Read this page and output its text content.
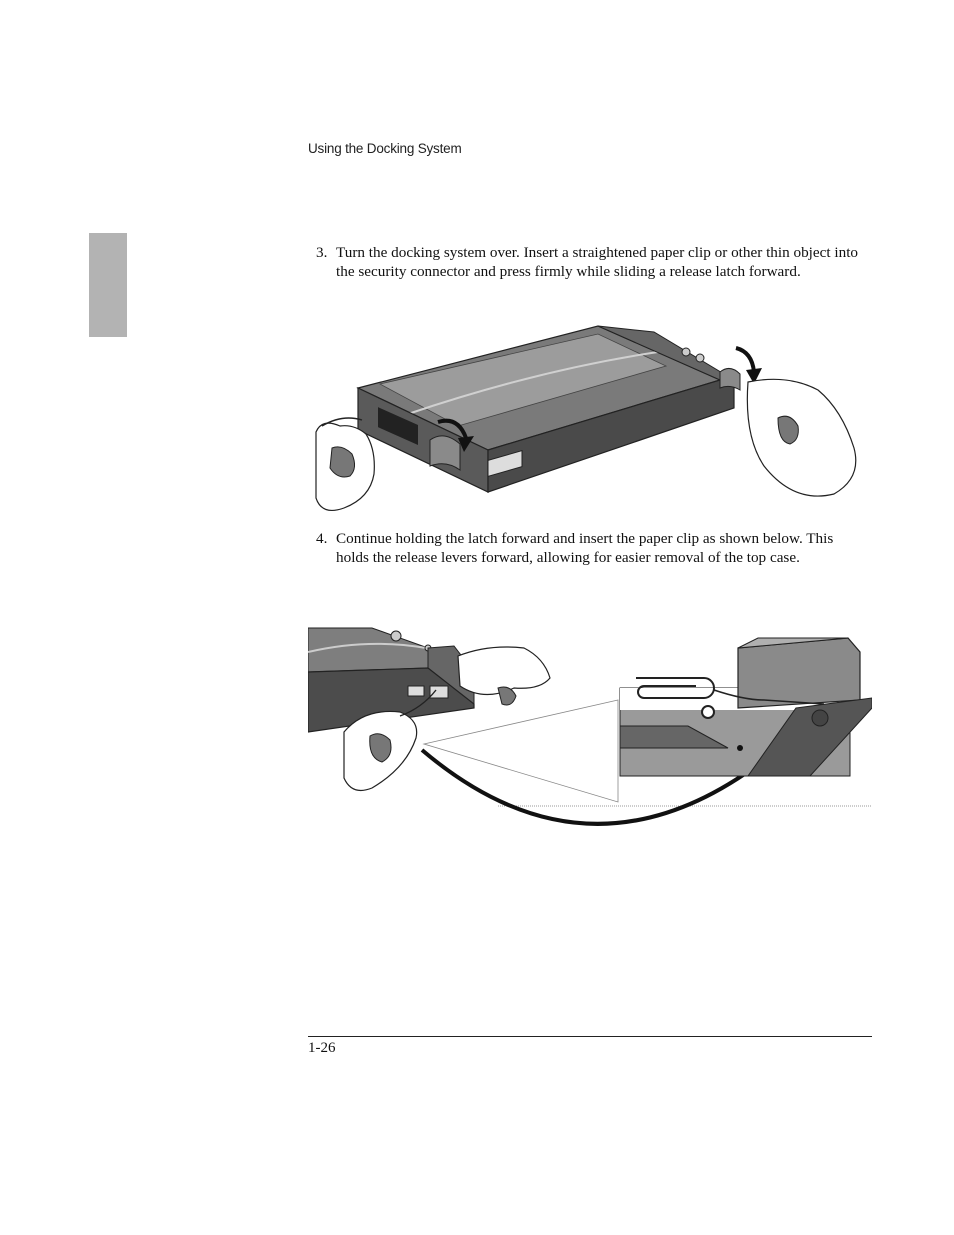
Using the Docking System
3. Turn the docking system over. Insert a straightened paper clip or other thin object into the security connector and press firmly while sliding a release latch forward.
4. Continue holding the latch forward and insert the paper clip as shown below. This holds the release levers forward, allowing for easier removal of the top case.
1-26
